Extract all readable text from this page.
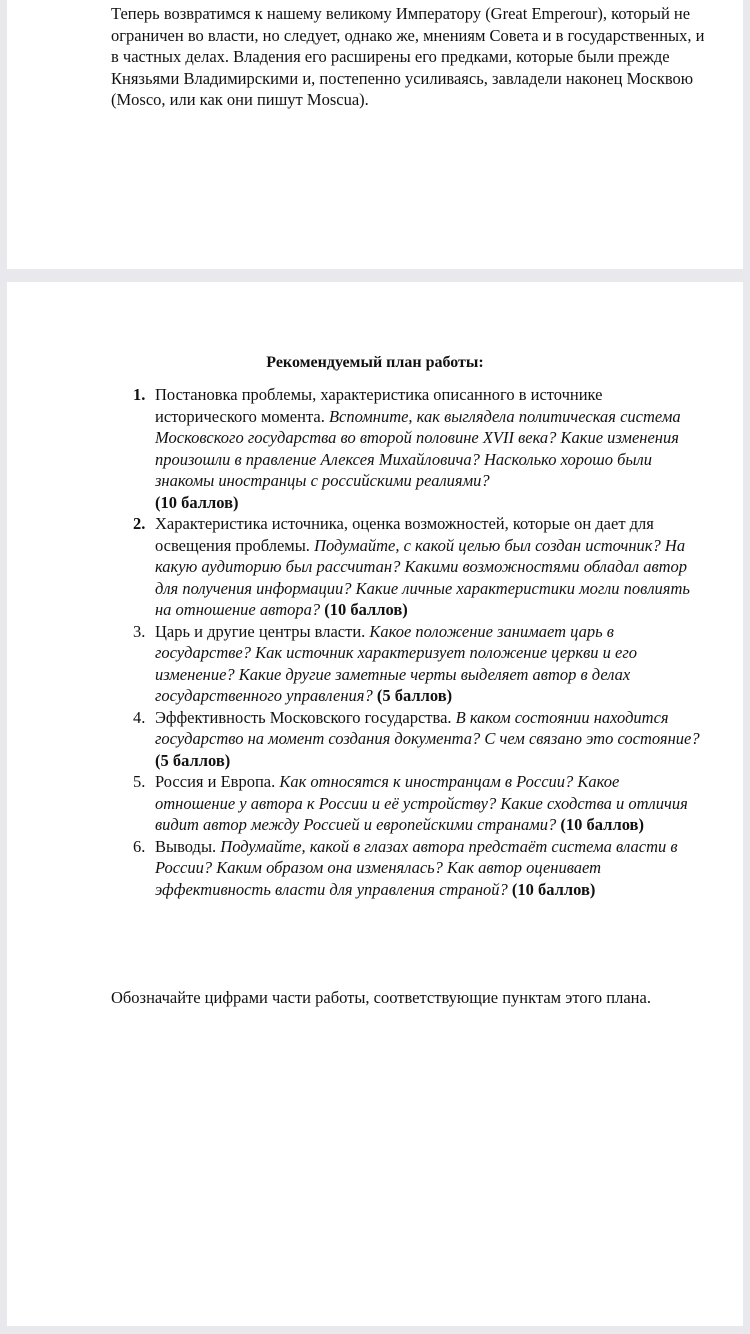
Теперь возвратимся к нашему великому Императору (Great Emperour), который не ограничен во власти, но следует, однако же, мнениям Совета и в государственных, и в частных делах. Владения его расширены его предками, которые были прежде Князьями Владимирскими и, постепенно усиливаясь, завладели наконец Москвою (Mosco, или как они пишут Moscua).

Рекомендуемый план работы:
1. Постановка проблемы, характеристика описанного в источнике исторического момента. Вспомните, как выглядела политическая система Московского государства во второй половине XVII века? Какие изменения произошли в правление Алексея Михайловича? Насколько хорошо были знакомы иностранцы с российскими реалиями?
(10 баллов)
2. Характеристика источника, оценка возможностей, которые он дает для освещения проблемы. Подумайте, с какой целью был создан источник? На какую аудиторию был рассчитан? Какими возможностями обладал автор для получения информации? Какие личные характеристики могли повлиять на отношение автора? (10 баллов)
3. Царь и другие центры власти. Какое положение занимает царь в государстве? Как источник характеризует положение церкви и его изменение? Какие другие заметные черты выделяет автор в делах государственного управления? (5 баллов)
4. Эффективность Московского государства. В каком состоянии находится государство на момент создания документа? С чем связано это состояние? (5 баллов)
5. Россия и Европа. Как относятся к иностранцам в России? Какое отношение у автора к России и её устройству? Какие сходства и отличия видит автор между Россией и европейскими странами? (10 баллов)
6. Выводы. Подумайте, какой в глазах автора предстаёт система власти в России? Каким образом она изменялась? Как автор оценивает эффективность власти для управления страной? (10 баллов)

Обозначайте цифрами части работы, соответствующие пунктам этого плана.
